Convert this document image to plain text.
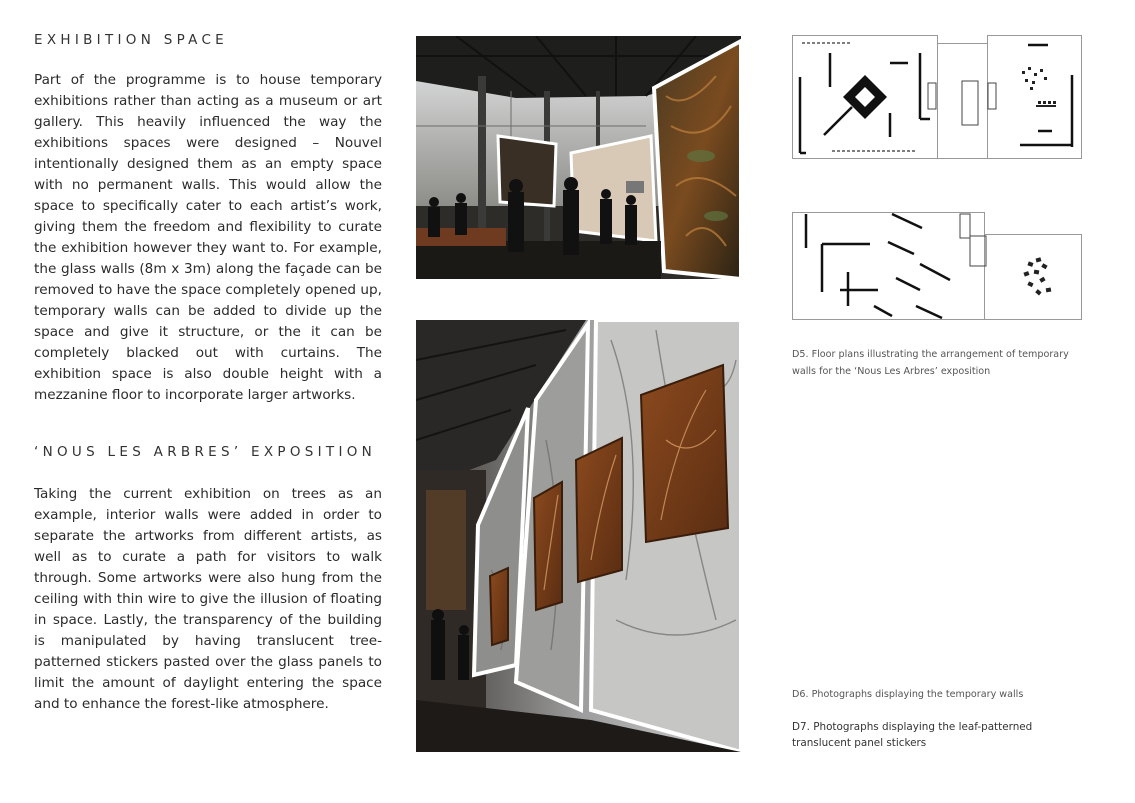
EXHIBITION SPACE

Part of the programme is to house temporary exhibitions rather than acting as a museum or art gallery. This heavily influenced the way the exhibitions spaces were designed – Nouvel intentionally designed them as an empty space with no permanent walls. This would allow the space to specifically cater to each artist’s work, giving them the freedom and flexibility to curate the exhibition however they want to. For example, the glass walls (8m x 3m) along the façade can be removed to have the space completely opened up, temporary walls can be added to divide up the space and give it structure, or the it can be completely blacked out with curtains. The exhibition space is also double height with a mezzanine floor to incorporate larger artworks.

‘NOUS LES ARBRES’ EXPOSITION

Taking the current exhibition on trees as an example, interior walls were added in order to separate the artworks from different artists, as well as to curate a path for visitors to walk through. Some artworks were also hung from the ceiling with thin wire to give the illusion of floating in space. Lastly, the transparency of the building is manipulated by having translucent tree-patterned stickers pasted over the glass panels to limit the amount of daylight entering the space and to enhance the forest-like atmosphere.

D5. Floor plans illustrating the arrangement of temporary walls for the ‘Nous Les Arbres’ exposition

D6. Photographs displaying the temporary walls

D7. Photographs displaying the leaf-patterned translucent panel stickers
